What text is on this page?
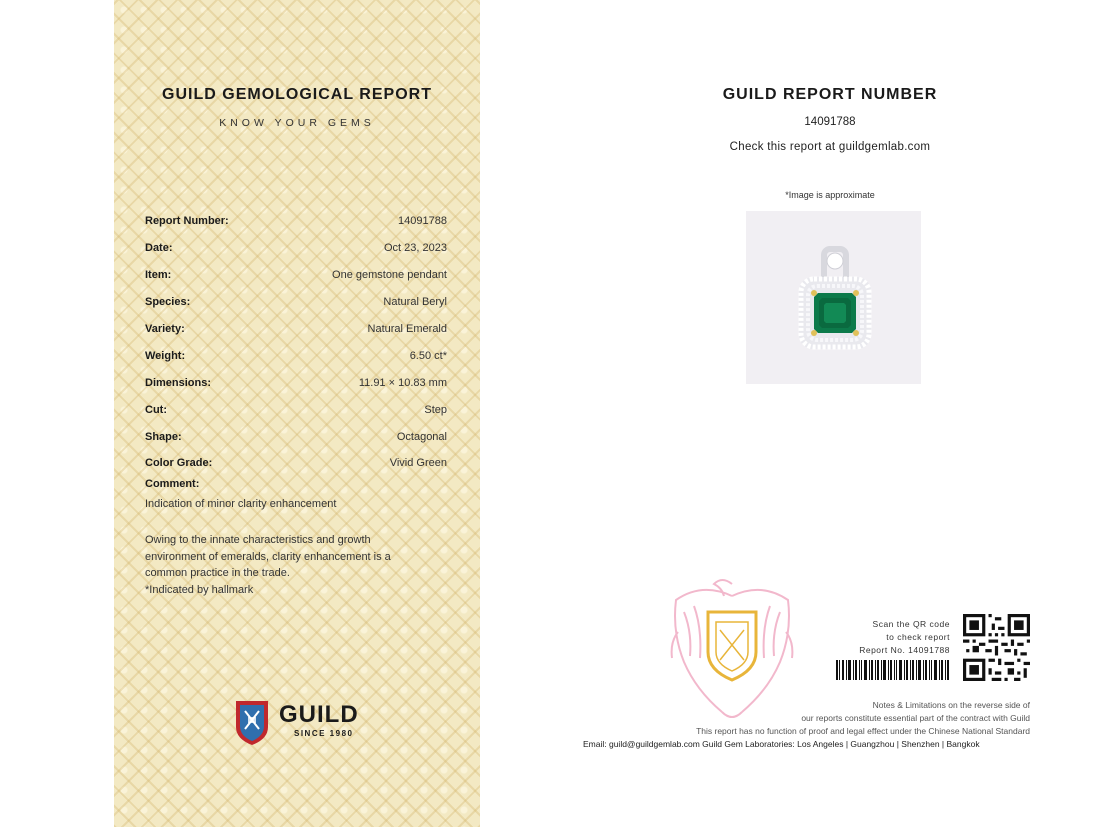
GUILD GEMOLOGICAL REPORT
KNOW YOUR GEMS
Report Number:	14091788
Date:	Oct 23, 2023
Item:	One gemstone pendant
Species:	Natural Beryl
Variety:	Natural Emerald
Weight:	6.50 ct*
Dimensions:	11.91 × 10.83 mm
Cut:	Step
Shape:	Octagonal
Color Grade:	Vivid Green
Comment:
Indication of minor clarity enhancement

Owing to the innate characteristics and growth

environment of emeralds, clarity enhancement is a

common practice in the trade.

*Indicated by hallmark

GUILD
SINCE 1980
GUILD REPORT NUMBER
14091788
Check this report at guildgemlab.com
*Image is approximate
Scan the QR code
to check report
Report No. 14091788
Notes & Limitations on the reverse side of
our reports constitute essential part of the contract with Guild
This report has no function of proof and legal effect under the Chinese National Standard
Email: guild@guildgemlab.com Guild Gem Laboratories: Los Angeles | Guangzhou | Shenzhen | Bangkok
